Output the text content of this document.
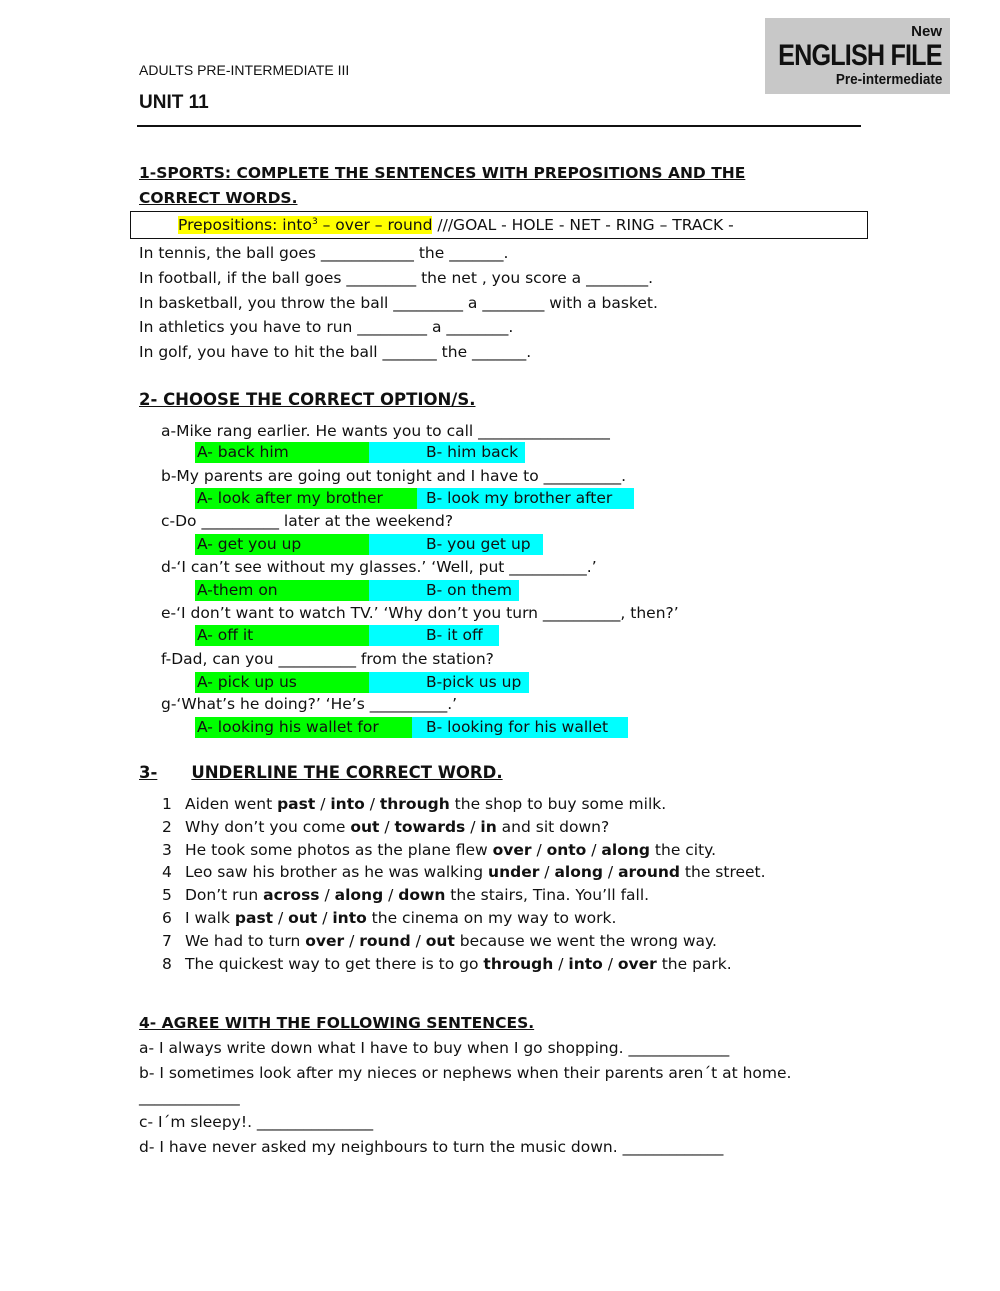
ADULTS PRE-INTERMEDIATE III
UNIT 11
New
ENGLISH FILE
Pre-intermediate
1-SPORTS: COMPLETE THE SENTENCES WITH PREPOSITIONS AND THE
CORRECT WORDS.
Prepositions: into$^3$ – over – round ///GOAL - HOLE - NET - RING – TRACK -
In tennis, the ball goes ____________ the _______.
In football, if the ball goes _________ the net , you score a ________.
In basketball, you throw the ball _________ a ________ with a basket.
In athletics you have to run _________ a ________.
In golf, you have to hit the ball _______ the _______.
2- CHOOSE THE CORRECT OPTION/S.
a-Mike rang earlier. He wants you to call _________________
A- back him	B- him back
b-My parents are going out tonight and I have to __________.
A- look after my brother	B- look my brother after
c-Do __________ later at the weekend?
A- get you up	B- you get up
d-‘I can’t see without my glasses.’ ‘Well, put __________.’
A-them on	B- on them
e-‘I don’t want to watch TV.’ ‘Why don’t you turn __________, then?’
A- off it	B- it off
f-Dad, can you __________ from the station?
A- pick up us	B-pick us up
g-‘What’s he doing?’ ‘He’s __________.’
A- looking his wallet for	B- looking for his wallet
3- UNDERLINE THE CORRECT WORD.
1 Aiden went past / into / through the shop to buy some milk.
2 Why don’t you come out / towards / in and sit down?
3 He took some photos as the plane flew over / onto / along the city.
4 Leo saw his brother as he was walking under / along / around the street.
5 Don’t run across / along / down the stairs, Tina. You’ll fall.
6 I walk past / out / into the cinema on my way to work.
7 We had to turn over / round / out because we went the wrong way.
8 The quickest way to get there is to go through / into / over the park.
4- AGREE WITH THE FOLLOWING SENTENCES.
a- I always write down what I have to buy when I go shopping. _____________
b- I sometimes look after my nieces or nephews when their parents aren´t at home.
_____________
c- I´m sleepy!. _______________
d- I have never asked my neighbours to turn the music down. _____________
